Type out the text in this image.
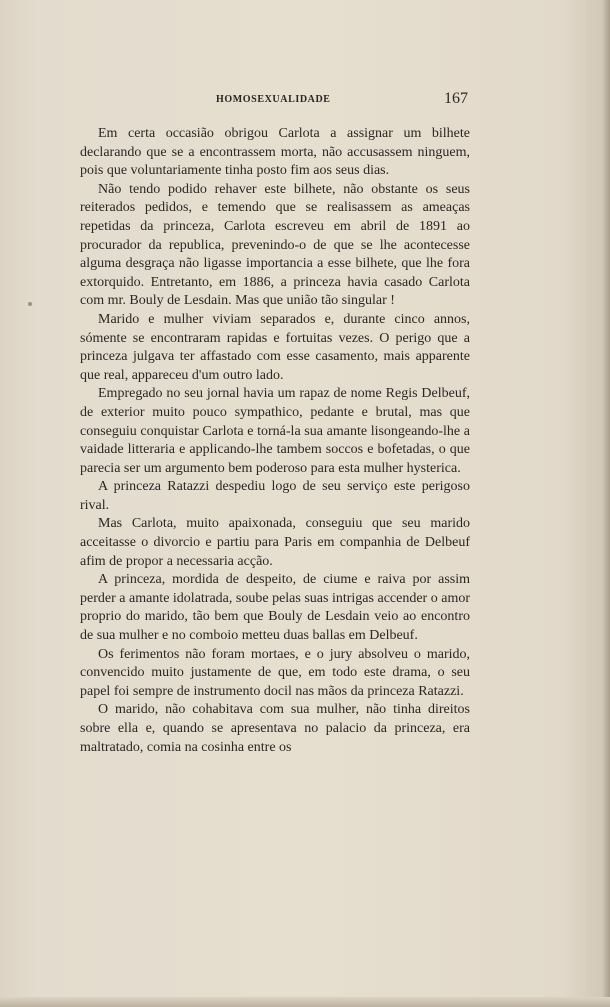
HOMOSEXUALIDADE	167

Em certa occasião obrigou Carlota a assignar um bilhete declarando que se a encontrassem morta, não accusassem ninguem, pois que voluntariamente tinha posto fim aos seus dias.

Não tendo podido rehaver este bilhete, não obstante os seus reiterados pedidos, e temendo que se realisassem as ameaças repetidas da princeza, Carlota escreveu em abril de 1891 ao procurador da republica, prevenindo-o de que se lhe acontecesse alguma desgraça não ligasse importancia a esse bilhete, que lhe fora extorquido. Entretanto, em 1886, a princeza havia casado Carlota com mr. Bouly de Lesdain. Mas que união tão singular !

Marido e mulher viviam separados e, durante cinco annos, sómente se encontraram rapidas e fortuitas vezes. O perigo que a princeza julgava ter affastado com esse casamento, mais apparente que real, appareceu d'um outro lado.

Empregado no seu jornal havia um rapaz de nome Regis Delbeuf, de exterior muito pouco sympathico, pedante e brutal, mas que conseguiu conquistar Carlota e torná-la sua amante lisongeando-lhe a vaidade litteraria e applicando-lhe tambem soccos e bofetadas, o que parecia ser um argumento bem poderoso para esta mulher hysterica.

A princeza Ratazzi despediu logo de seu serviço este perigoso rival.

Mas Carlota, muito apaixonada, conseguiu que seu marido acceitasse o divorcio e partiu para Paris em companhia de Delbeuf afim de propor a necessaria acção.

A princeza, mordida de despeito, de ciume e raiva por assim perder a amante idolatrada, soube pelas suas intrigas accender o amor proprio do marido, tão bem que Bouly de Lesdain veio ao encontro de sua mulher e no comboio metteu duas ballas em Delbeuf.

Os ferimentos não foram mortaes, e o jury absolveu o marido, convencido muito justamente de que, em todo este drama, o seu papel foi sempre de instrumento docil nas mãos da princeza Ratazzi.

O marido, não cohabitava com sua mulher, não tinha direitos sobre ella e, quando se apresentava no palacio da princeza, era maltratado, comia na cosinha entre os
